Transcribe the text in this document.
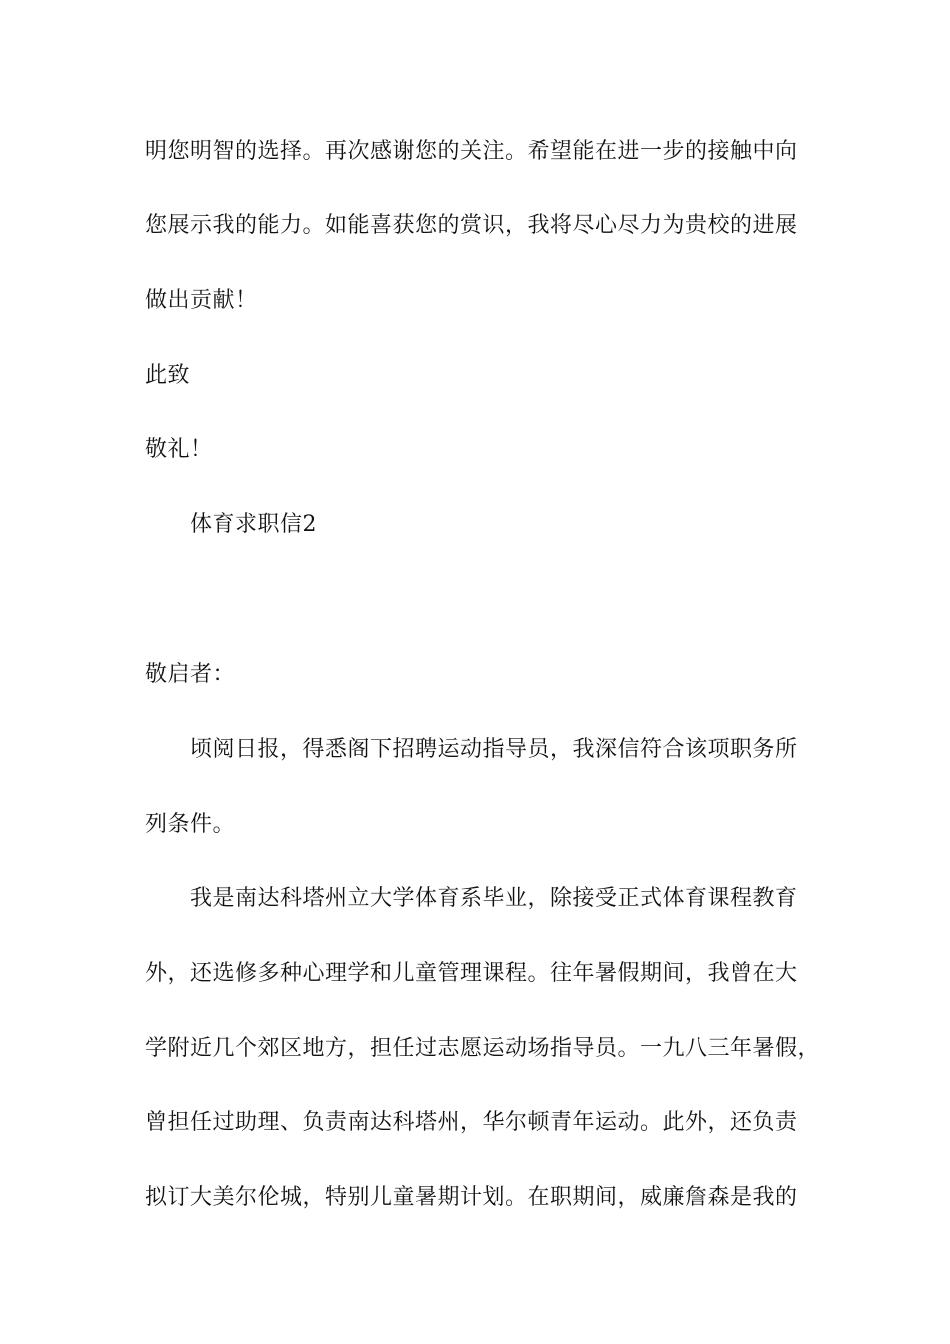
明您明智的选择。再次感谢您的关注。希望能在进一步的接触中向
您展示我的能力。如能喜获您的赏识，我将尽心尽力为贵校的进展
做出贡献！
此致
敬礼！
体育求职信2
敬启者：
顷阅日报，得悉阁下招聘运动指导员，我深信符合该项职务所
列条件。
我是南达科塔州立大学体育系毕业，除接受正式体育课程教育
外，还选修多种心理学和儿童管理课程。往年暑假期间，我曾在大
学附近几个郊区地方，担任过志愿运动场指导员。一九八三年暑假，
曾担任过助理、负责南达科塔州，华尔顿青年运动。此外，还负责
拟订大美尔伦城，特别儿童暑期计划。在职期间，威廉詹森是我的
